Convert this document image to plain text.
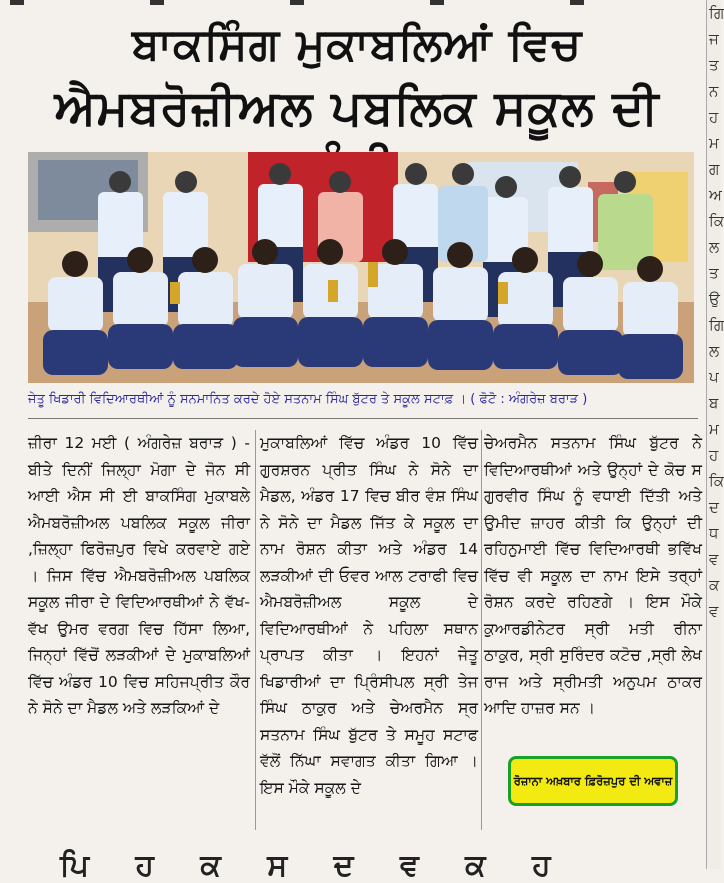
ਬਾਕਸਿੰਗ ਮੁਕਾਬਲਿਆਂ ਵਿਚ
ਐਮਬਰੋਜ਼ੀਅਲ ਪਬਲਿਕ ਸਕੂਲ ਦੀ
ਜੇਤੂ ਖਿਡਾਰੀ ਵਿਦਿਆਰਥੀਆਂ ਨੂੰ ਸਨਮਾਨਿਤ ਕਰਦੇ ਹੋਏ ਸਤਨਾਮ ਸਿੰਘ ਬੁੱਟਰ ਤੇ ਸਕੂਲ ਸਟਾਫ਼ । ( ਫੋਟੋ : ਅੰਗਰੇਜ਼ ਬਰਾੜ )
ਜ਼ੀਰਾ 12 ਮਈ ( ਅੰਗਰੇਜ਼ ਬਰਾੜ ) - ਬੀਤੇ ਦਿਨੀਂ ਜਿਲ੍ਹਾ ਮੋਗਾ ਦੇ ਜੋਨ ਸੀ ਆਈ ਐਸ ਸੀ ਈ ਬਾਕਸਿੰਗ ਮੁਕਾਬਲੇ ਐਮਬਰੋਜ਼ੀਅਲ ਪਬਲਿਕ ਸਕੂਲ ਜੀਰਾ ,ਜ਼ਿਲ੍ਹਾ ਫਿਰੋਜ਼ਪੁਰ ਵਿਖੇ ਕਰਵਾਏ ਗਏ । ਜਿਸ ਵਿੱਚ ਐਮਬਰੋਜ਼ੀਅਲ ਪਬਲਿਕ ਸਕੂਲ ਜੀਰਾ ਦੇ ਵਿਦਿਆਰਥੀਆਂ ਨੇ ਵੱਖ-ਵੱਖ ਉਮਰ ਵਰਗ ਵਿਚ ਹਿੱਸਾ ਲਿਆ, ਜਿਨ੍ਹਾਂ ਵਿੱਚੋਂ ਲੜਕੀਆਂ ਦੇ ਮੁਕਾਬਲਿਆਂ ਵਿੱਚ ਅੰਡਰ 10 ਵਿਚ ਸਹਿਜਪ੍ਰੀਤ ਕੌਰ ਨੇ ਸੋਨੇ ਦਾ ਮੈਡਲ ਅਤੇ ਲੜਕਿਆਂ ਦੇ
ਮੁਕਾਬਲਿਆਂ ਵਿੱਚ ਅੰਡਰ 10 ਵਿੱਚ ਗੁਰਸ਼ਰਨ ਪ੍ਰੀਤ ਸਿੰਘ ਨੇ ਸੋਨੇ ਦਾ ਮੈਡਲ, ਅੰਡਰ 17 ਵਿਚ ਬੀਰ ਵੰਸ਼ ਸਿੰਘ ਨੇ ਸੋਨੇ ਦਾ ਮੈਡਲ ਜਿੱਤ ਕੇ ਸਕੂਲ ਦਾ ਨਾਮ ਰੋਸ਼ਨ ਕੀਤਾ ਅਤੇ ਅੰਡਰ 14 ਲੜਕੀਆਂ ਦੀ ਓਵਰ ਆਲ ਟਰਾਫੀ ਵਿਚ ਐਮਬਰੋਜ਼ੀਅਲ ਸਕੂਲ ਦੇ ਵਿਦਿਆਰਥੀਆਂ ਨੇ ਪਹਿਲਾ ਸਥਾਨ ਪ੍ਰਾਪਤ ਕੀਤਾ । ਇਹਨਾਂ ਜੇਤੂ ਖਿਡਾਰੀਆਂ ਦਾ ਪ੍ਰਿੰਸੀਪਲ ਸ੍ਰੀ ਤੇਜ ਸਿੰਘ ਠਾਕੁਰ ਅਤੇ ਚੇਅਰਮੈਨ ਸ੍ਰ ਸਤਨਾਮ ਸਿੰਘ ਬੁੱਟਰ ਤੇ ਸਮੂਹ ਸਟਾਫ ਵੱਲੋਂ ਨਿੱਘਾ ਸਵਾਗਤ ਕੀਤਾ ਗਿਆ । ਇਸ ਮੌਕੇ ਸਕੂਲ ਦੇ
ਚੇਅਰਮੈਨ ਸਤਨਾਮ ਸਿੰਘ ਬੁੱਟਰ ਨੇ ਵਿਦਿਆਰਥੀਆਂ ਅਤੇ ਉਨ੍ਹਾਂ ਦੇ ਕੋਚ ਸ ਗੁਰਵੀਰ ਸਿੰਘ ਨੂੰ ਵਧਾਈ ਦਿੱਤੀ ਅਤੇ ਉਮੀਦ ਜ਼ਾਹਰ ਕੀਤੀ ਕਿ ਉਨ੍ਹਾਂ ਦੀ ਰਹਿਨੁਮਾਈ ਵਿੱਚ ਵਿਦਿਆਰਥੀ ਭਵਿੱਖ ਵਿੱਚ ਵੀ ਸਕੂਲ ਦਾ ਨਾਮ ਇਸੇ ਤਰ੍ਹਾਂ ਰੋਸ਼ਨ ਕਰਦੇ ਰਹਿਣਗੇ । ਇਸ ਮੌਕੇ ਕੁਆਰਡੀਨੇਟਰ ਸ੍ਰੀ ਮਤੀ ਰੀਨਾ ਠਾਕੁਰ, ਸ੍ਰੀ ਸੁਰਿੰਦਰ ਕਟੋਚ ,ਸ੍ਰੀ ਲੇਖ ਰਾਜ ਅਤੇ ਸ੍ਰੀਮਤੀ ਅਨੁਪਮ ਠਾਕਰ ਆਦਿ ਹਾਜ਼ਰ ਸਨ ।
ਰੋਜ਼ਾਨਾ ਅਖ਼ਬਾਰ ਫ਼ਿਰੋਜ਼ਪੁਰ ਦੀ ਅਵਾਜ਼
ਗਿ
ਜ
ਤ
ਨ
ਹ
ਮ
ਗ
ਅ
ਕਿ
ਲ
ਤ
ਉ
ਗਿ
ਲ
ਪ
ਬ
ਮ
ਹ
ਕਿ
ਦ
ਧ
ਵ
ਕ
ਵ
ਪਿ ਹ ਕ ਸ ਦ ਵ ਕ ਹ
